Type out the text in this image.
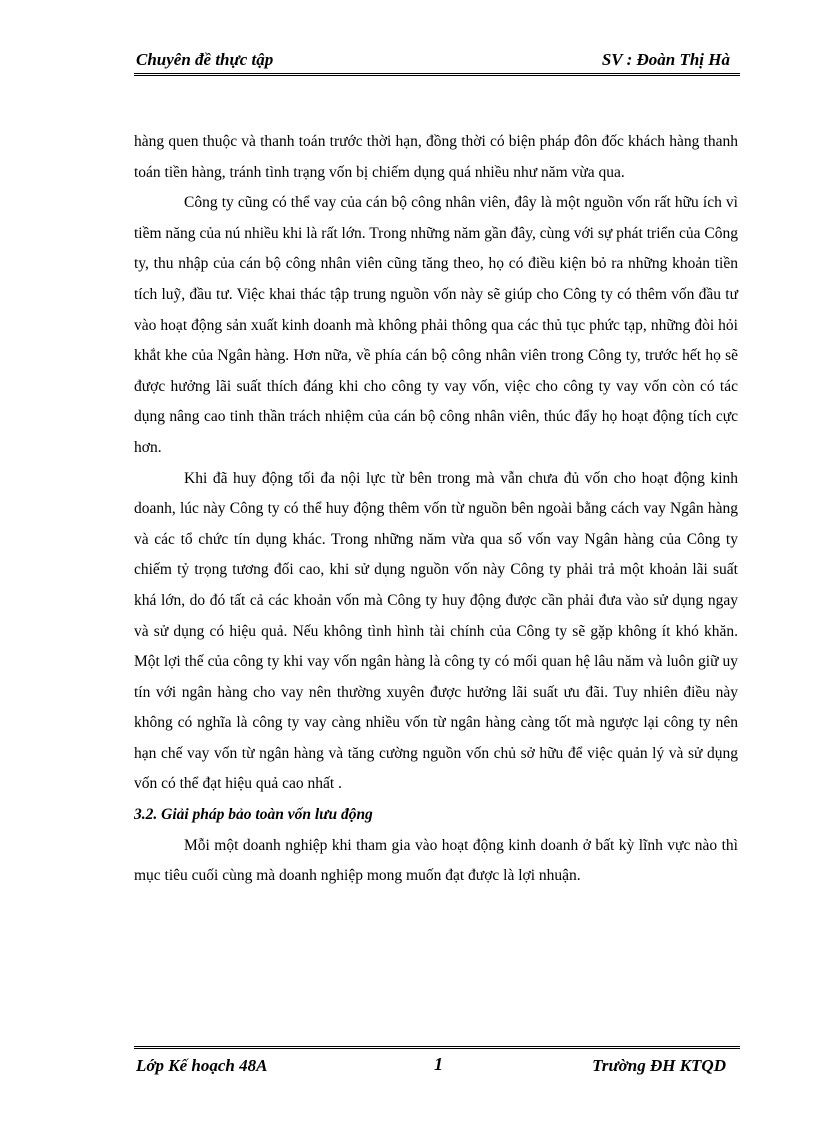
Chuyên đề thực tập	SV : Đoàn Thị Hà

hàng quen thuộc và thanh toán trước thời hạn, đồng thời có biện pháp đôn đốc khách hàng thanh toán tiền hàng, tránh tình trạng vốn bị chiếm dụng quá nhiều như năm vừa qua.

Công ty cũng có thể vay của cán bộ công nhân viên, đây là một nguồn vốn rất hữu ích vì tiềm năng của nú nhiều khi là rất lớn. Trong những năm gần đây, cùng với sự phát triển của Công ty, thu nhập của cán bộ công nhân viên cũng tăng theo, họ có điều kiện bỏ ra những khoản tiền tích luỹ, đầu tư. Việc khai thác tập trung nguồn vốn này sẽ giúp cho Công ty có thêm vốn đầu tư vào hoạt động sản xuất kinh doanh mà không phải thông qua các thủ tục phức tạp, những đòi hỏi khắt khe của Ngân hàng. Hơn nữa, về phía cán bộ công nhân viên trong Công ty, trước hết họ sẽ được hưởng lãi suất thích đáng khi cho công ty vay vốn, việc cho công ty vay vốn còn có tác dụng nâng cao tinh thần trách nhiệm của cán bộ công nhân viên, thúc đẩy họ hoạt động tích cực hơn.

Khi đã huy động tối đa nội lực từ bên trong mà vẫn chưa đủ vốn cho hoạt động kinh doanh, lúc này Công ty có thể huy động thêm vốn từ nguồn bên ngoài bằng cách vay Ngân hàng và các tổ chức tín dụng khác. Trong những năm vừa qua số vốn vay Ngân hàng của Công ty chiếm tỷ trọng tương đối cao, khi sử dụng nguồn vốn này Công ty phải trả một khoản lãi suất khá lớn, do đó tất cả các khoản vốn mà Công ty huy động được cần phải đưa vào sử dụng ngay và sử dụng có hiệu quả. Nếu không tình hình tài chính của Công ty sẽ gặp không ít khó khăn. Một lợi thế của công ty khi vay vốn ngân hàng là công ty có mối quan hệ lâu năm và luôn giữ uy tín với ngân hàng cho vay nên thường xuyên được hưởng lãi suất ưu đãi. Tuy nhiên điều này không có nghĩa là công ty vay càng nhiều vốn từ ngân hàng càng tốt mà ngược lại công ty nên hạn chế vay vốn từ ngân hàng và tăng cường nguồn vốn chủ sở hữu để việc quản lý và sử dụng vốn có thể đạt hiệu quả cao nhất .

3.2. Giải pháp bảo toàn vốn lưu động

Mỗi một doanh nghiệp khi tham gia vào hoạt động kinh doanh ở bất kỳ lĩnh vực nào thì mục tiêu cuối cùng mà doanh nghiệp mong muốn đạt được là lợi nhuận.

Lớp Kế hoạch 48A	1	Trường ĐH KTQD
